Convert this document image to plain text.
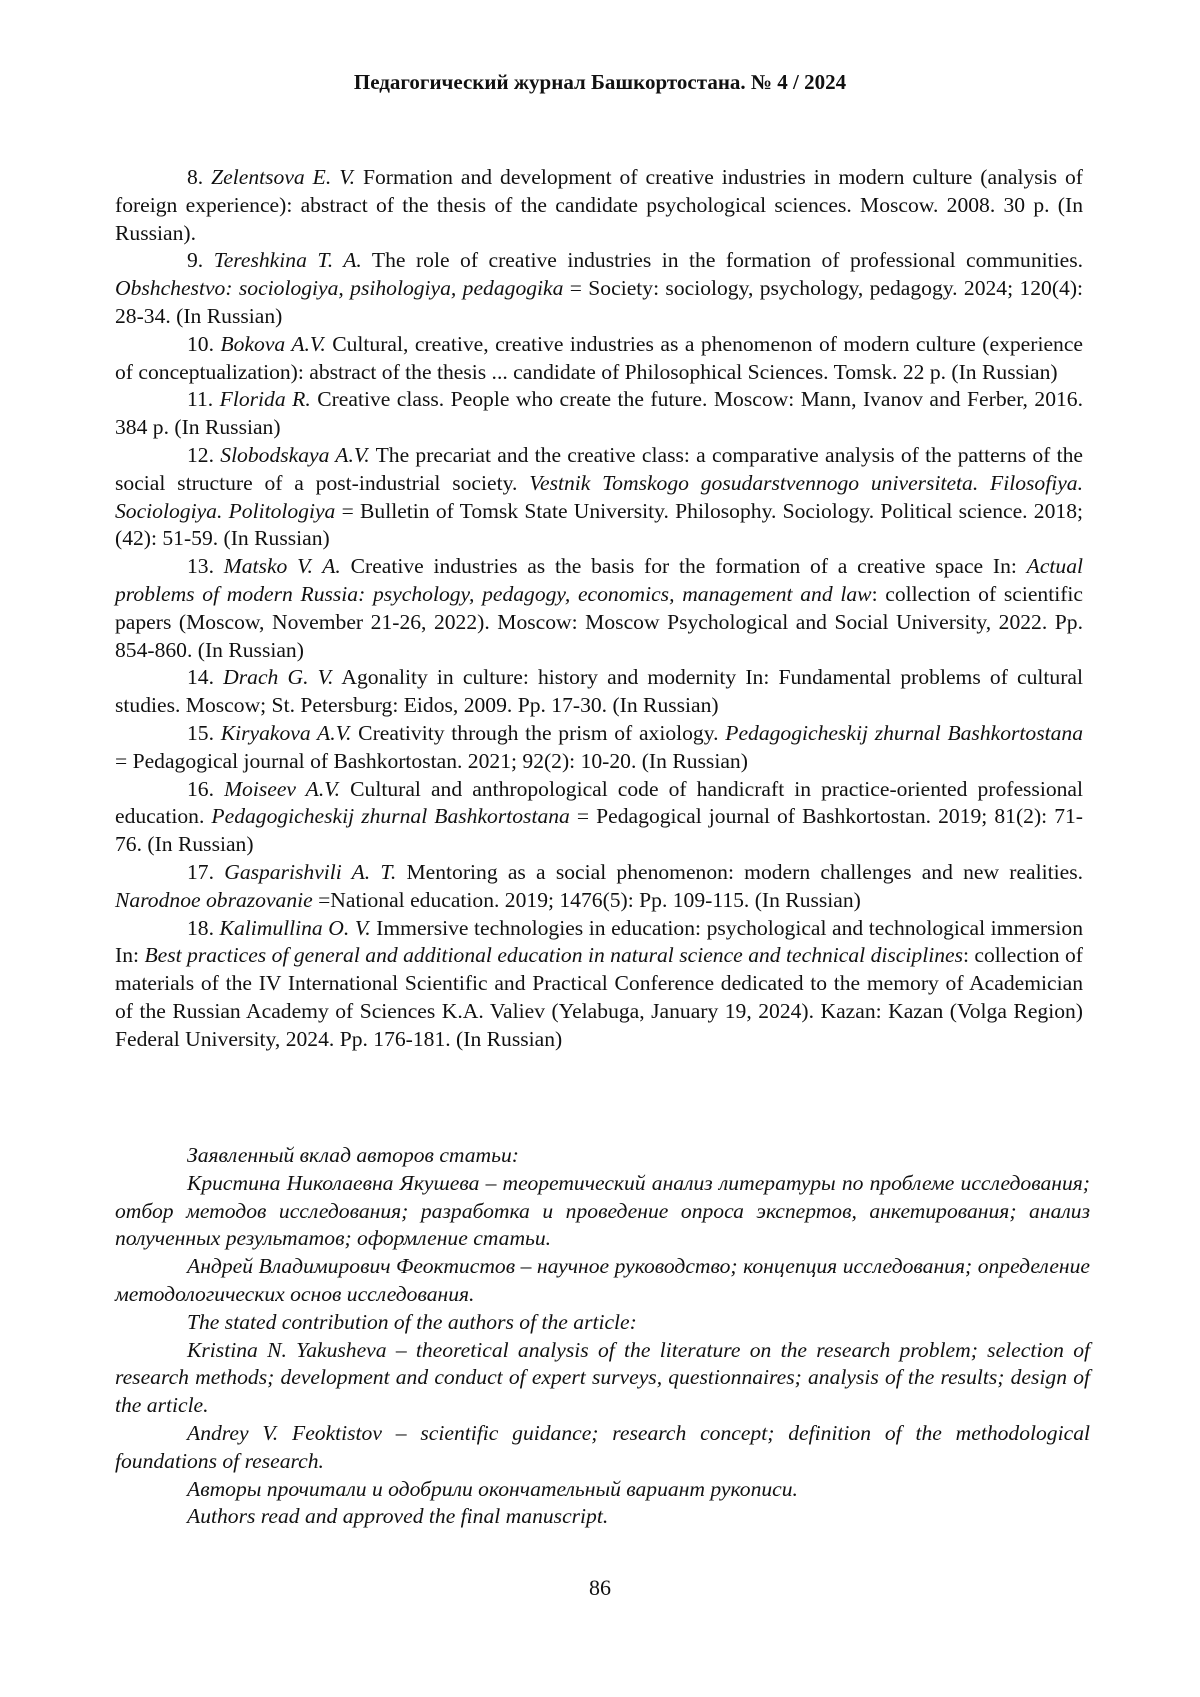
Педагогический журнал Башкортостана. № 4 / 2024

8. Zelentsova E. V. Formation and development of creative industries in modern culture (analysis of foreign experience): abstract of the thesis of the candidate psychological sciences. Moscow. 2008. 30 p. (In Russian).

9. Tereshkina T. A. The role of creative industries in the formation of professional communities. Obshchestvo: sociologiya, psihologiya, pedagogika = Society: sociology, psychology, pedagogy. 2024; 120(4): 28-34. (In Russian)

10. Bokova A.V. Cultural, creative, creative industries as a phenomenon of modern culture (experience of conceptualization): abstract of the thesis ... candidate of Philosophical Sciences. Tomsk. 22 p. (In Russian)

11. Florida R. Creative class. People who create the future. Moscow: Mann, Ivanov and Ferber, 2016. 384 p. (In Russian)

12. Slobodskaya A.V. The precariat and the creative class: a comparative analysis of the patterns of the social structure of a post-industrial society. Vestnik Tomskogo gosudarstvennogo universiteta. Filosofiya. Sociologiya. Politologiya = Bulletin of Tomsk State University. Philosophy. Sociology. Political science. 2018; (42): 51-59. (In Russian)

13. Matsko V. A. Creative industries as the basis for the formation of a creative space In: Actual problems of modern Russia: psychology, pedagogy, economics, management and law: collection of scientific papers (Moscow, November 21-26, 2022). Moscow: Moscow Psychological and Social University, 2022. Pp. 854-860. (In Russian)

14. Drach G. V. Agonality in culture: history and modernity In: Fundamental problems of cultural studies. Moscow; St. Petersburg: Eidos, 2009. Pp. 17-30. (In Russian)

15. Kiryakova A.V. Creativity through the prism of axiology. Pedagogicheskij zhurnal Bashkortostana = Pedagogical journal of Bashkortostan. 2021; 92(2): 10-20. (In Russian)

16. Moiseev A.V. Cultural and anthropological code of handicraft in practice-oriented professional education. Pedagogicheskij zhurnal Bashkortostana = Pedagogical journal of Bashkortostan. 2019; 81(2): 71-76. (In Russian)

17. Gasparishvili A. T. Mentoring as a social phenomenon: modern challenges and new realities. Narodnoe obrazovanie =National education. 2019; 1476(5): Pp. 109-115. (In Russian)

18. Kalimullina O. V. Immersive technologies in education: psychological and technological immersion In: Best practices of general and additional education in natural science and technical disciplines: collection of materials of the IV International Scientific and Practical Conference dedicated to the memory of Academician of the Russian Academy of Sciences K.A. Valiev (Yelabuga, January 19, 2024). Kazan: Kazan (Volga Region) Federal University, 2024. Pp. 176-181. (In Russian)

Заявленный вклад авторов статьи:

Кристина Николаевна Якушева – теоретический анализ литературы по проблеме исследования; отбор методов исследования; разработка и проведение опроса экспертов, анкетирования; анализ полученных результатов; оформление статьи.

Андрей Владимирович Феоктистов – научное руководство; концепция исследования; определение методологических основ исследования.

The stated contribution of the authors of the article:

Kristina N. Yakusheva – theoretical analysis of the literature on the research problem; selection of research methods; development and conduct of expert surveys, questionnaires; analysis of the results; design of the article.

Andrey V. Feoktistov – scientific guidance; research concept; definition of the methodological foundations of research.

Авторы прочитали и одобрили окончательный вариант рукописи.

Authors read and approved the final manuscript.

86
